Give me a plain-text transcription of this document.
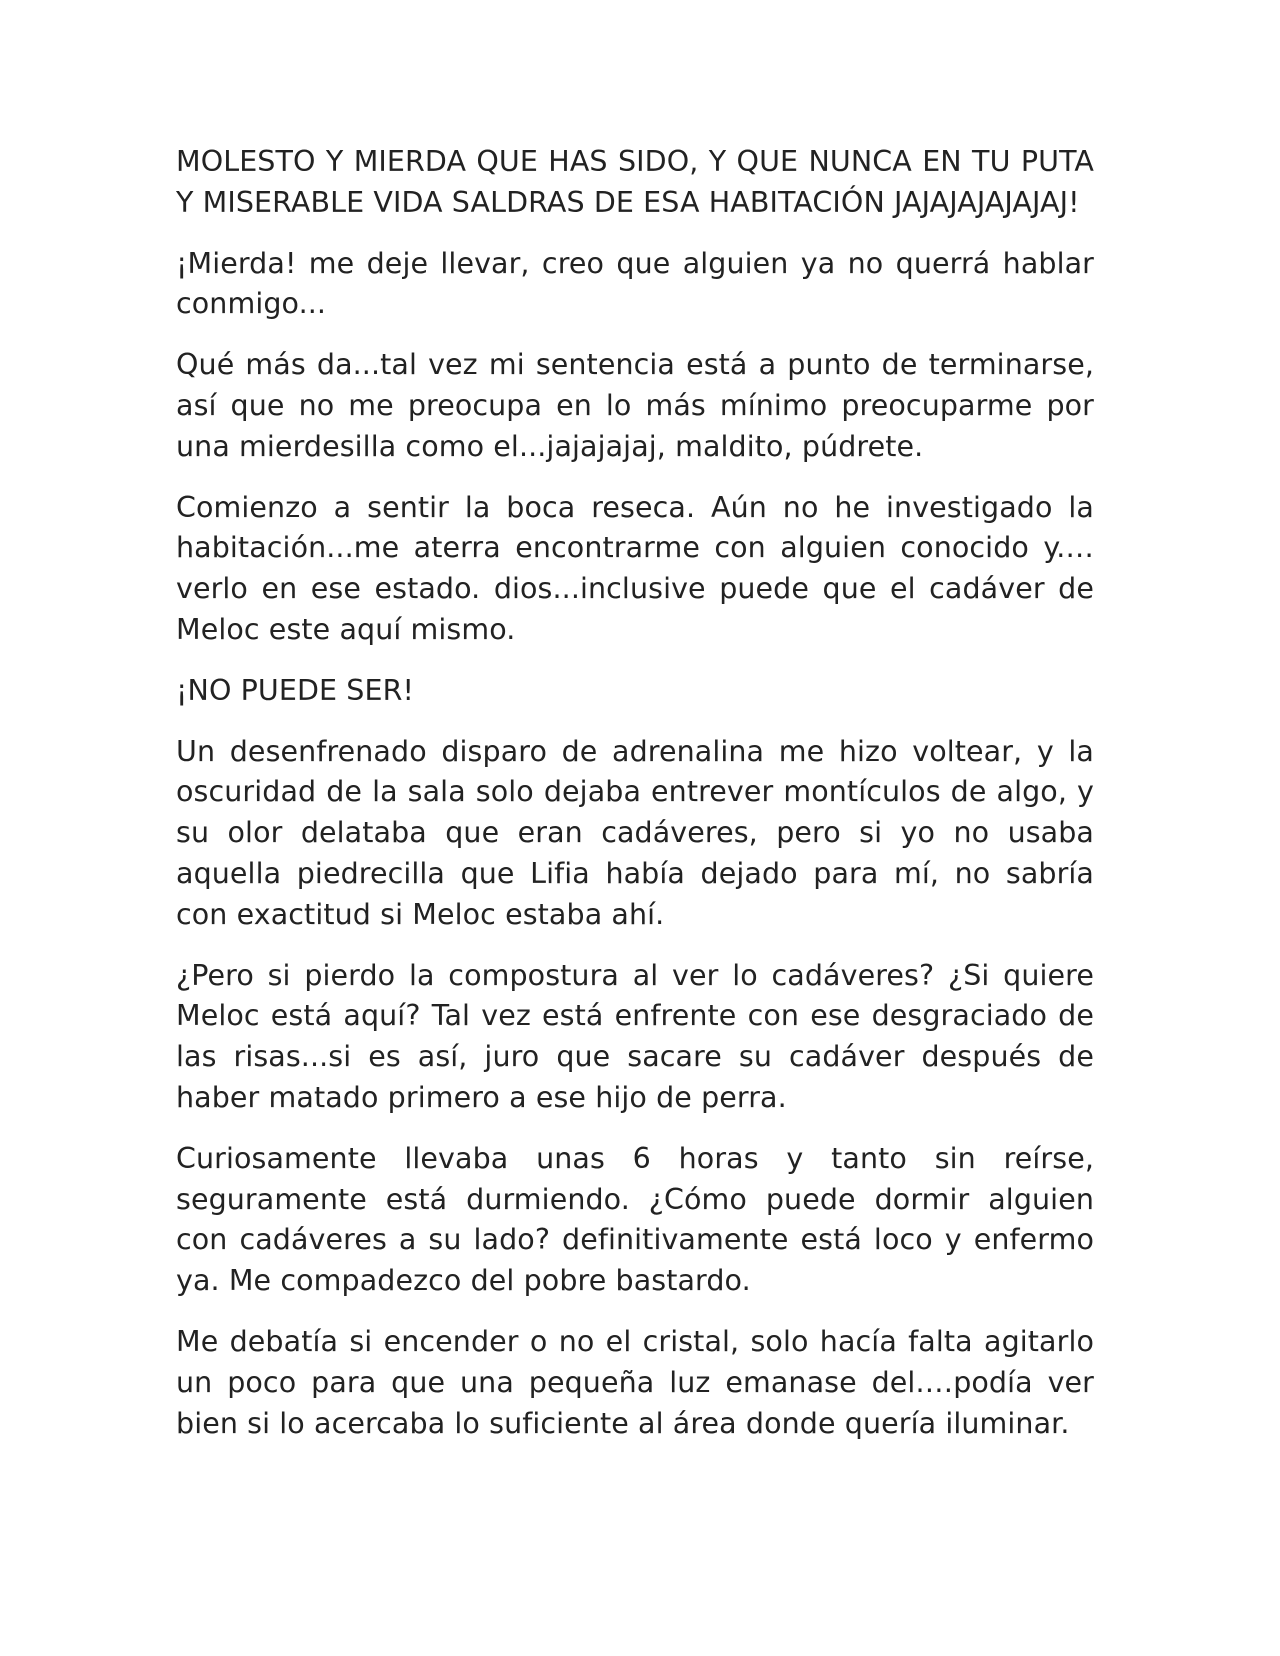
MOLESTO Y MIERDA QUE HAS SIDO, Y QUE NUNCA EN TU PUTA Y MISERABLE VIDA SALDRAS DE ESA HABITACIÓN JAJAJAJAJAJAJ!

¡Mierda! me deje llevar, creo que alguien ya no querrá hablar conmigo...

Qué más da...tal vez mi sentencia está a punto de terminarse, así que no me preocupa en lo más mínimo preocuparme por una mierdesilla como el...jajajajaj, maldito, púdrete.

Comienzo a sentir la boca reseca. Aún no he investigado la habitación...me aterra encontrarme con alguien conocido y.…verlo en ese estado. dios...inclusive puede que el cadáver de Meloc este aquí mismo.

¡NO PUEDE SER!

Un desenfrenado disparo de adrenalina me hizo voltear, y la oscuridad de la sala solo dejaba entrever montículos de algo, y su olor delataba que eran cadáveres, pero si yo no usaba aquella piedrecilla que Lifia había dejado para mí, no sabría con exactitud si Meloc estaba ahí.

¿Pero si pierdo la compostura al ver lo cadáveres? ¿Si quiere Meloc está aquí? Tal vez está enfrente con ese desgraciado de las risas...si es así, juro que sacare su cadáver después de haber matado primero a ese hijo de perra.

Curiosamente llevaba unas 6 horas y tanto sin reírse, seguramente está durmiendo. ¿Cómo puede dormir alguien con cadáveres a su lado? definitivamente está loco y enfermo ya. Me compadezco del pobre bastardo.

Me debatía si encender o no el cristal, solo hacía falta agitarlo un poco para que una pequeña luz emanase del.…podía ver bien si lo acercaba lo suficiente al área donde quería iluminar.
